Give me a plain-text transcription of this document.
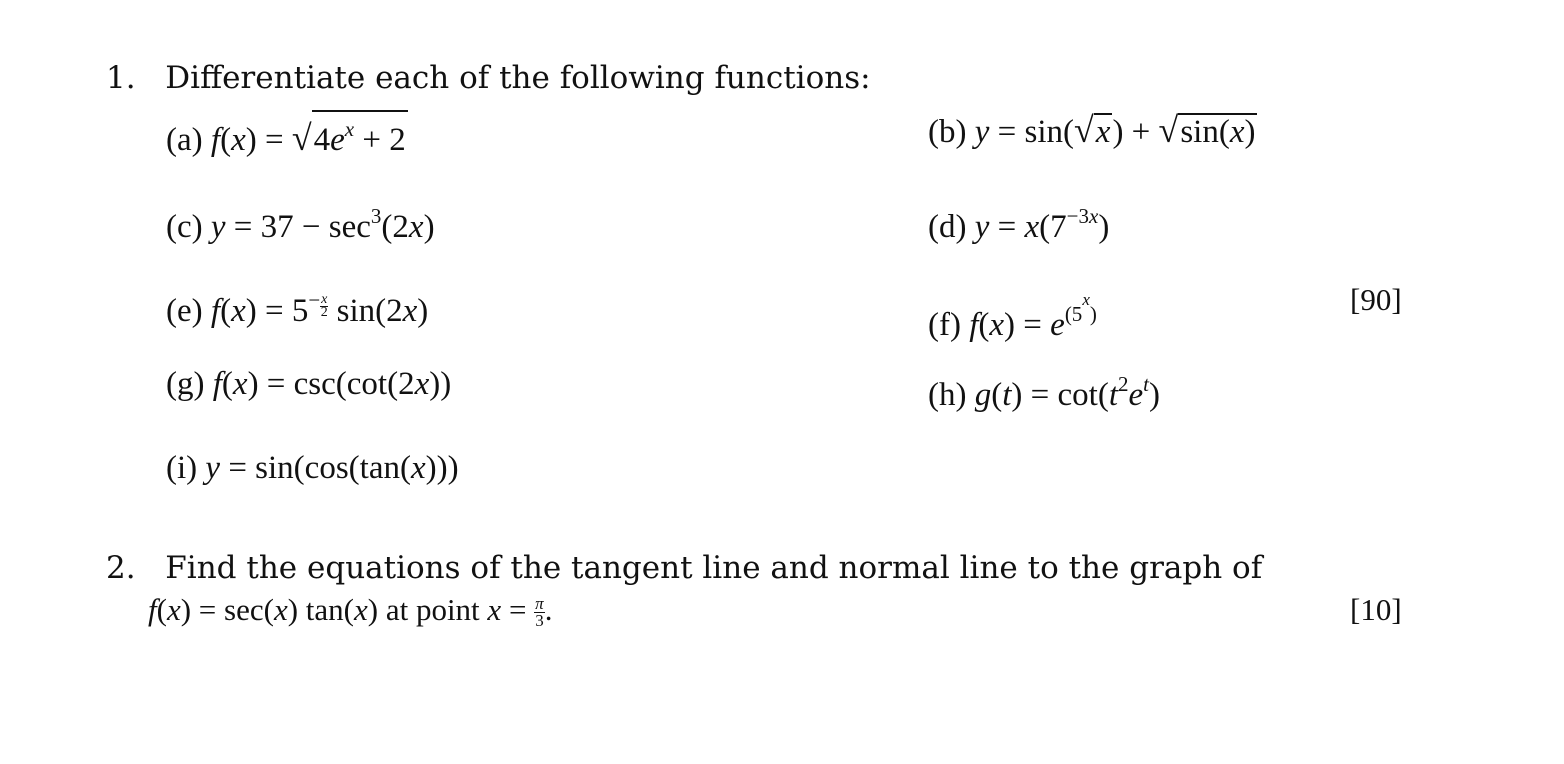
1. Differentiate each of the following functions:
(a) $f(x) = √4e^x + 2$	(b) y = sin(√x) + √sin(x)
(c) $y = 37 - \sec^3(2x)$	(d) $y = x(7^{-3x})$
(e) $f(x) = 5^- \frac{x}{2} \sin(2x)$	(f) $f(x) = e^{(5^x)}$	[90]
(g) f(x) = csc(cot(2x))	(h) $g(t) = \cot(t^2e^t)$
(i) y = sin(cos(tan(x)))
2. Find the equations of the tangent line and normal line to the graph of
f(x) = sec(x) tan(x) at point $x = \frac{\pi}{3}$ .	[10]
